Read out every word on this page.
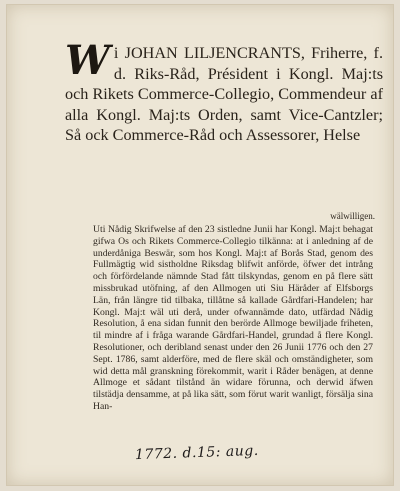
Wi JOHAN LILJENCRANTS, Friherre, f. d. Riks-Råd, Président i Kongl. Maj:ts och Rikets Commerce-Collegio, Commendeur af alla Kongl. Maj:ts Orden, samt Vice-Cantzler; Så ock Commerce-Råd och Assessorer, Helse
wälwilligen.

Uti Nådig Skrifwelse af den 23 sistledne Junii har Kongl. Maj:t behagat gifwa Os och Rikets Commerce-Collegio tilkänna: at i anledning af de underdåniga Beswär, som hos Kongl. Maj:t af Borås Stad, genom des Fullmägtig wid sistholdne Riksdag blifwit anförde, öfwer det intrång och förfördelande nämnde Stad fått tilskyndas, genom en på flere sätt missbrukad utöfning, af den Allmogen uti Siu Häråder af Elfsborgs Län, från längre tid tilbaka, tillåtne så kallade Gårdfari-Handelen; har Kongl. Maj:t wäl uti derå, under ofwannämde dato, utfärdad Nådig Resolution, å ena sidan funnit den berörde Allmoge bewiljade friheten, til mindre af i fråga warande Gårdfari-Handel, grundad å flere Kongl. Resolutioner, och deribland senast under den 26 Junii 1776 och den 27 Sept. 1786, samt alderföre, med de flere skäl och omständigheter, som wid detta mål granskning förekommit, warit i Råder benägen, at denne Allmoge et sådant tilstånd än widare förunna, och derwid äfwen tilstädja densamme, at på lika sätt, som förut warit wanligt, försälja sina Han-

1772. d.15: aug.
